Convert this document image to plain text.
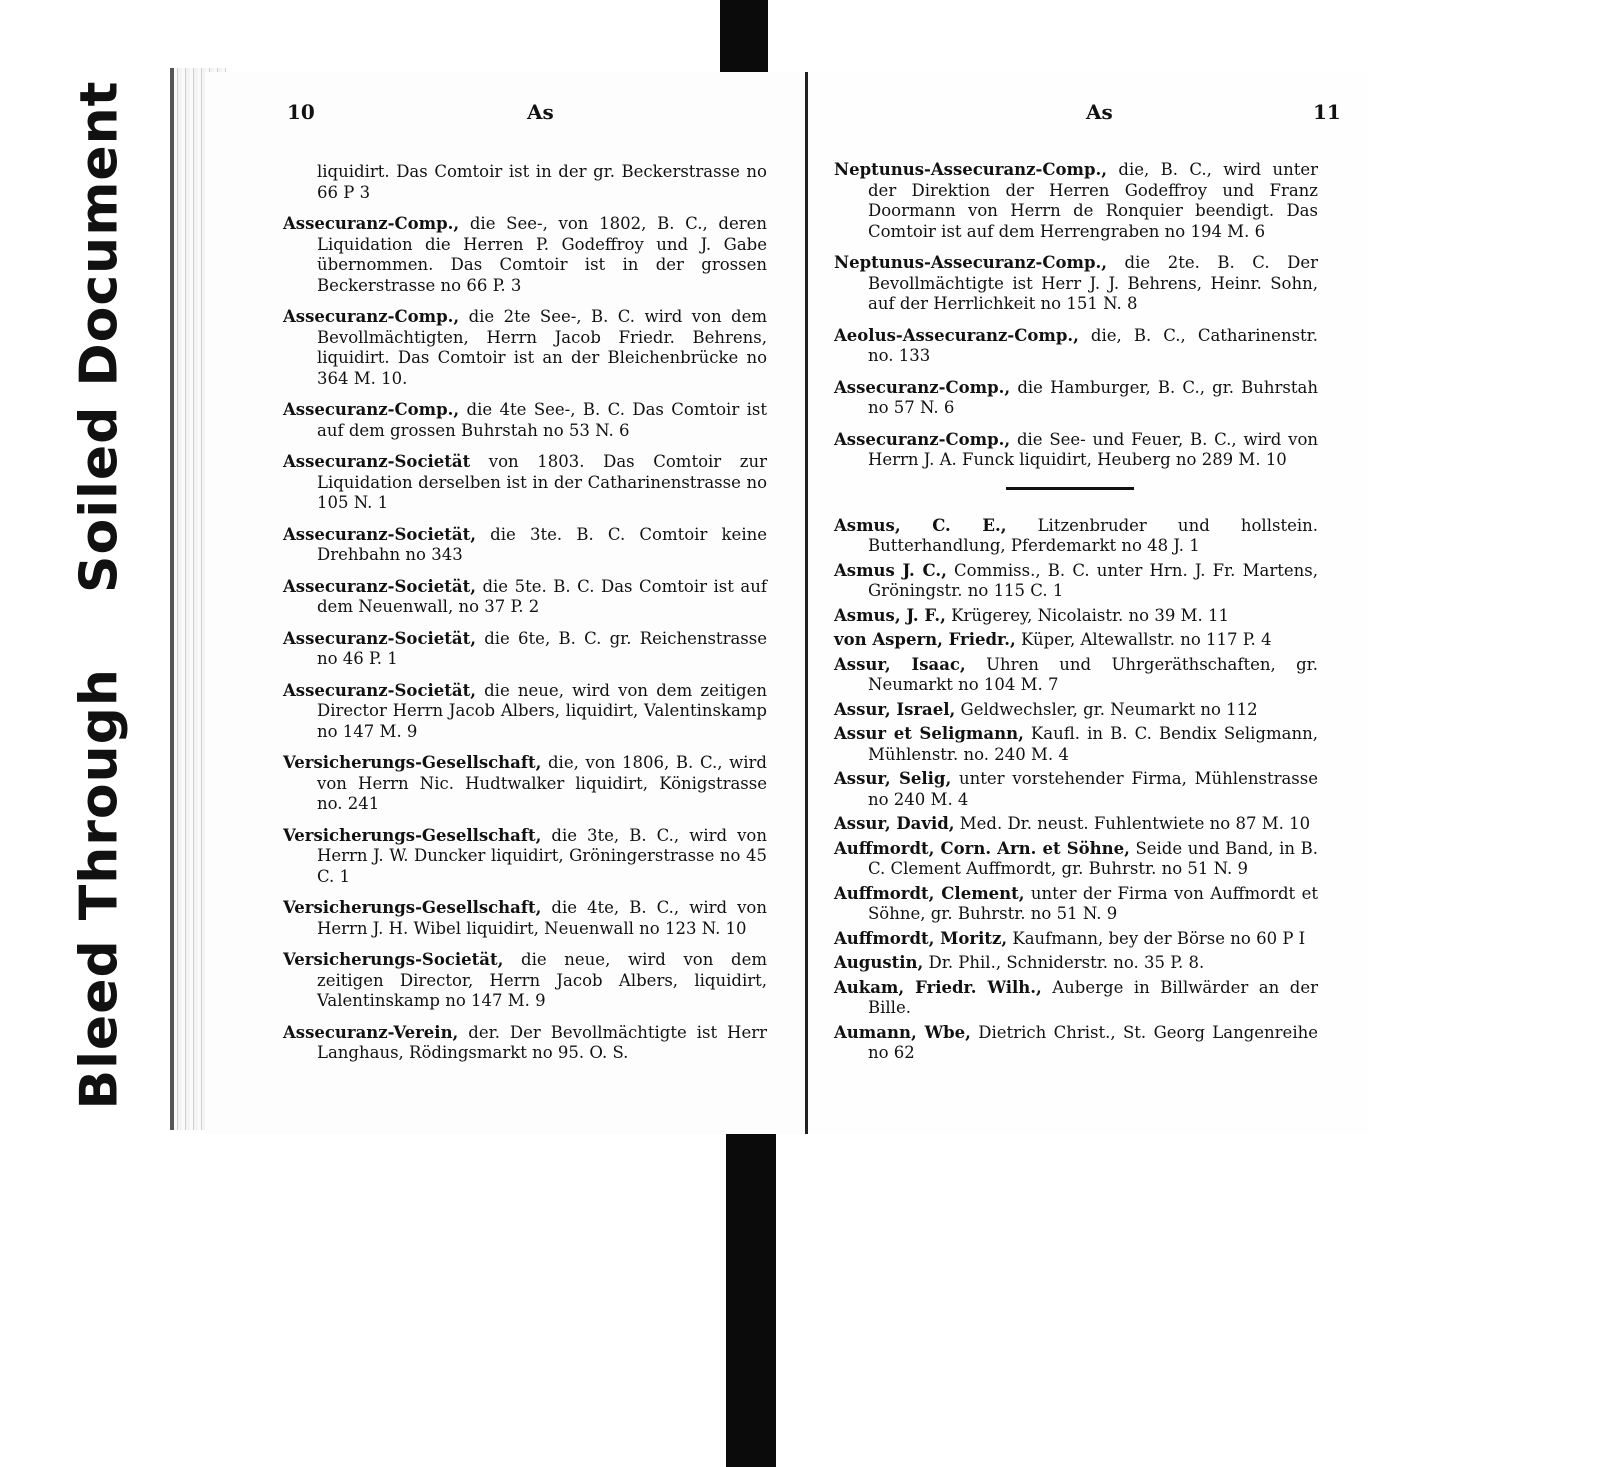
Bleed Through Soiled Document	10	As

liquidirt. Das Comtoir ist in der gr. Beckerstrasse no 66 P 3

Assecuranz-Comp., die See-, von 1802, B. C., deren Liquidation die Herren P. Godeffroy und J. Gabe übernommen. Das Comtoir ist in der grossen Beckerstrasse no 66 P. 3

Assecuranz-Comp., die 2te See-, B. C. wird von dem Bevollmächtigten, Herrn Jacob Friedr. Behrens, liquidirt. Das Comtoir ist an der Bleichenbrücke no 364 M. 10.

Assecuranz-Comp., die 4te See-, B. C. Das Comtoir ist auf dem grossen Buhrstah no 53 N. 6

Assecuranz-Societät von 1803. Das Comtoir zur Liquidation derselben ist in der Catharinenstrasse no 105 N. 1

Assecuranz-Societät, die 3te. B. C. Comtoir keine Drehbahn no 343

Assecuranz-Societät, die 5te. B. C. Das Comtoir ist auf dem Neuenwall, no 37 P. 2

Assecuranz-Societät, die 6te, B. C. gr. Reichenstrasse no 46 P. 1

Assecuranz-Societät, die neue, wird von dem zeitigen Director Herrn Jacob Albers, liquidirt, Valentinskamp no 147 M. 9

Versicherungs-Gesellschaft, die, von 1806, B. C., wird von Herrn Nic. Hudtwalker liquidirt, Königstrasse no. 241

Versicherungs-Gesellschaft, die 3te, B. C., wird von Herrn J. W. Duncker liquidirt, Gröningerstrasse no 45 C. 1

Versicherungs-Gesellschaft, die 4te, B. C., wird von Herrn J. H. Wibel liquidirt, Neuenwall no 123 N. 10

Versicherungs-Societät, die neue, wird von dem zeitigen Director, Herrn Jacob Albers, liquidirt, Valentinskamp no 147 M. 9

Assecuranz-Verein, der. Der Bevollmächtigte ist Herr Langhaus, Rödingsmarkt no 95. O. S.

As	11

Neptunus-Assecuranz-Comp., die, B. C., wird unter der Direktion der Herren Godeffroy und Franz Doormann von Herrn de Ronquier beendigt. Das Comtoir ist auf dem Herrengraben no 194 M. 6

Neptunus-Assecuranz-Comp., die 2te. B. C. Der Bevollmächtigte ist Herr J. J. Behrens, Heinr. Sohn, auf der Herrlichkeit no 151 N. 8

Aeolus-Assecuranz-Comp., die, B. C., Catharinenstr. no. 133

Assecuranz-Comp., die Hamburger, B. C., gr. Buhrstah no 57 N. 6

Assecuranz-Comp., die See- und Feuer, B. C., wird von Herrn J. A. Funck liquidirt, Heuberg no 289 M. 10

Asmus, C. E., Litzenbruder und hollstein. Butterhandlung, Pferdemarkt no 48 J. 1

Asmus J. C., Commiss., B. C. unter Hrn. J. Fr. Martens, Gröningstr. no 115 C. 1

Asmus, J. F., Krügerey, Nicolaistr. no 39 M. 11

von Aspern, Friedr., Küper, Altewallstr. no 117 P. 4

Assur, Isaac, Uhren und Uhrgeräthschaften, gr. Neumarkt no 104 M. 7

Assur, Israel, Geldwechsler, gr. Neumarkt no 112

Assur et Seligmann, Kaufl. in B. C. Bendix Seligmann, Mühlenstr. no. 240 M. 4

Assur, Selig, unter vorstehender Firma, Mühlenstrasse no 240 M. 4

Assur, David, Med. Dr. neust. Fuhlentwiete no 87 M. 10

Auffmordt, Corn. Arn. et Söhne, Seide und Band, in B. C. Clement Auffmordt, gr. Buhrstr. no 51 N. 9

Auffmordt, Clement, unter der Firma von Auffmordt et Söhne, gr. Buhrstr. no 51 N. 9

Auffmordt, Moritz, Kaufmann, bey der Börse no 60 P I

Augustin, Dr. Phil., Schniderstr. no. 35 P. 8.

Aukam, Friedr. Wilh., Auberge in Billwärder an der Bille.

Aumann, Wbe, Dietrich Christ., St. Georg Langenreihe no 62
